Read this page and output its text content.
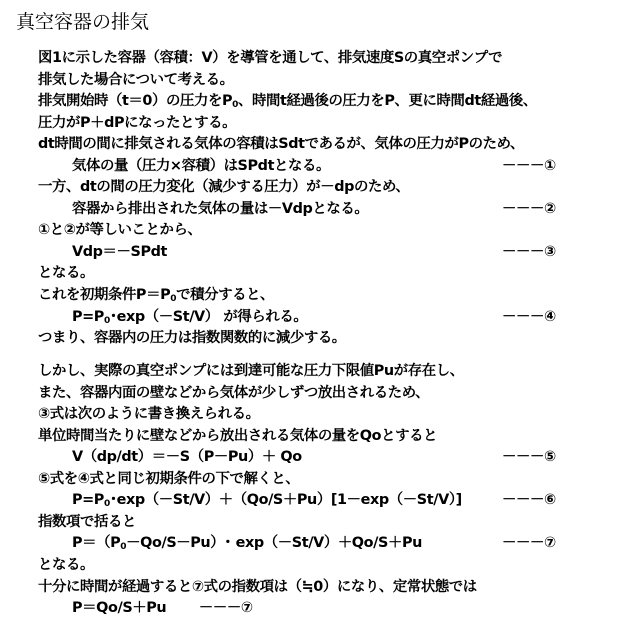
真空容器の排気
図1に示した容器（容積：V）を導管を通して、排気速度Sの真空ポンプで
排気した場合について考える。
排気開始時（t＝0）の圧力を$P_0$、時間t経過後の圧力をP、更に時間dt経過後、
圧力がP＋dPになったとする。
dt時間の間に排気される気体の容積はSdtであるが、気体の圧力がPのため、
気体の量（圧力×容積）はSPdtとなる。	－－－①
一方、dtの間の圧力変化（減少する圧力）が－dpのため、
容器から排出された気体の量は－Vdpとなる。	－－－②
①と②が等しいことから、
Vdp＝－SPdt	－－－③
となる。
これを初期条件$P=P_0$で積分すると、
$P=P_0$･exp（－St/V） が得られる。	－－－④
つまり、容器内の圧力は指数関数的に減少する。
しかし、実際の真空ポンプには到達可能な圧力下限値Puが存在し、
また、容器内面の壁などから気体が少しずつ放出されるため、
③式は次のように書き換えられる。
単位時間当たりに壁などから放出される気体の量をQoとすると
V（dp/dt）＝－S（P－Pu）＋ Qo	－－－⑤
⑤式を④式と同じ初期条件の下で解くと、
$P=P_0$･exp（－St/V）＋（Qo/S＋Pu）[1－exp（－St/V）]	－－－⑥
指数項で括ると
$P=(P_0-Qo/S-Pu)$･ exp（－St/V）＋Qo/S＋Pu	－－－⑦
となる。
十分に時間が経過すると⑦式の指数項は（≒0）になり、定常状態では
P＝Qo/S＋Pu　　 －－－⑦
